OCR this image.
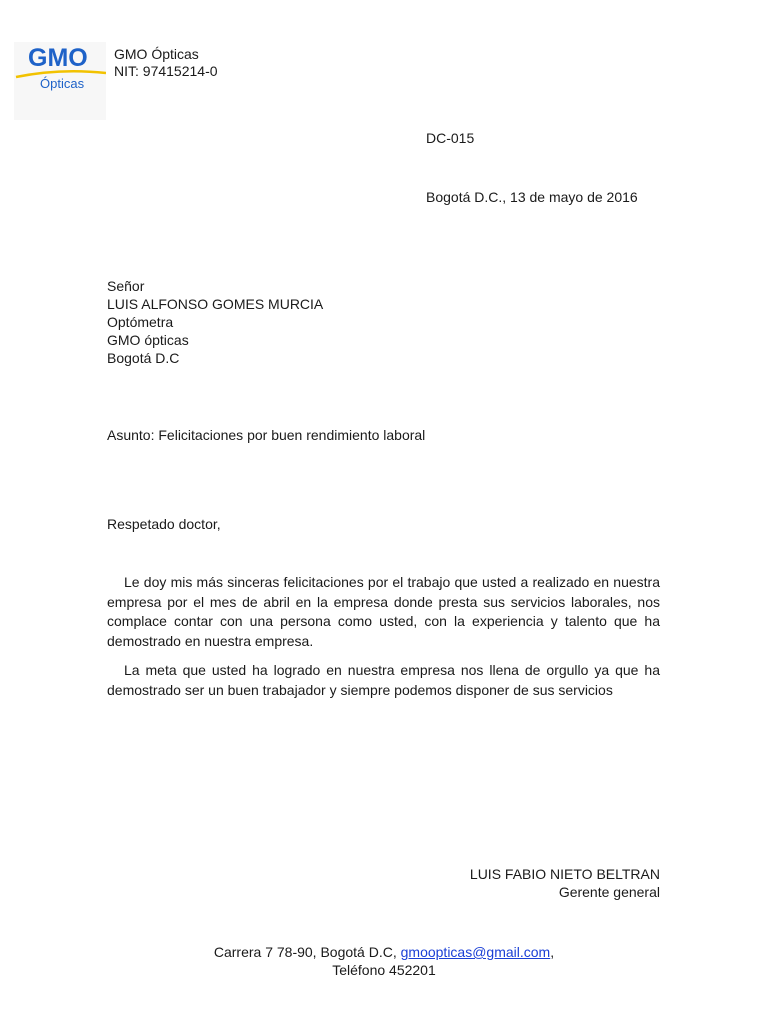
GMO
Ópticas
GMO Ópticas
NIT: 97415214-0
DC-015
Bogotá D.C., 13 de mayo de 2016
Señor
LUIS ALFONSO GOMES MURCIA
Optómetra
GMO ópticas
Bogotá D.C
Asunto: Felicitaciones por buen rendimiento laboral
Respetado doctor,

Le doy mis más sinceras felicitaciones por el trabajo que usted a realizado en nuestra empresa por el mes de abril en la empresa donde presta sus servicios laborales, nos complace contar con una persona como usted, con la experiencia y talento que ha demostrado en nuestra empresa.

La meta que usted ha logrado en nuestra empresa nos llena de orgullo ya que ha demostrado ser un buen trabajador y siempre podemos disponer de sus servicios

LUIS FABIO NIETO BELTRAN
Gerente general
Carrera 7 78-90, Bogotá D.C, gmoopticas@gmail.com,
Teléfono 452201
